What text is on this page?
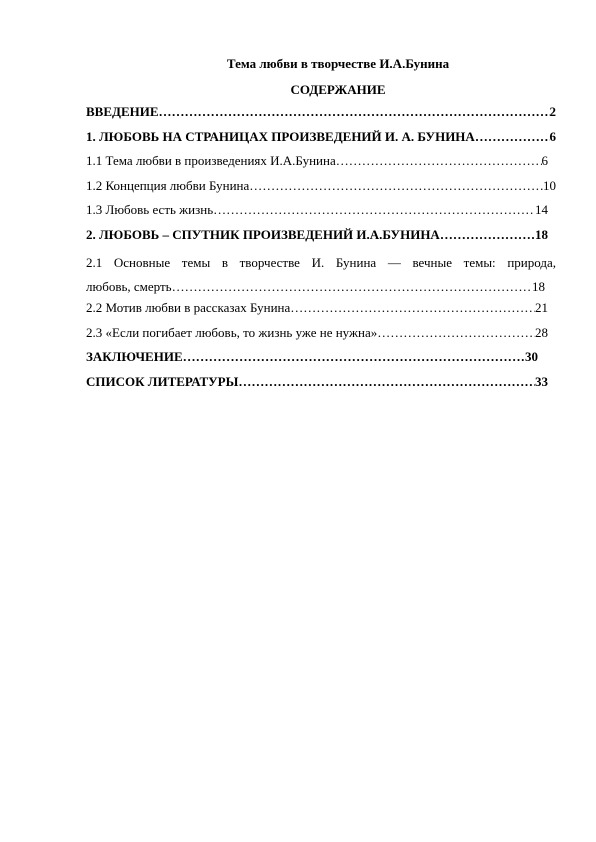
Тема любви в творчестве И.А.Бунина
СОДЕРЖАНИЕ
ВВЕДЕНИЕ ………………………………………………………………………………………………………………………………………………………………………………	2
1. ЛЮБОВЬ НА СТРАНИЦАХ ПРОИЗВЕДЕНИЙ И. А. БУНИНА ………………………………………………………………………………………………………………………………………………………………………………	6
1.1 Тема любви в произведениях И.А.Бунина ………………………………………………………………………………………………………………………………………………………………………………	6
1.2 Концепция любви Бунина ………………………………………………………………………………………………………………………………………………………………………………	10
1.3 Любовь есть жизнь ………………………………………………………………………………………………………………………………………………………………………………	14
2. ЛЮБОВЬ – СПУТНИК ПРОИЗВЕДЕНИЙ И.А.БУНИНА ………………………………………………………………………………………………………………………………………………………………………………	18
2.1 Основные темы в творчестве И. Бунина — вечные темы: природа,
любовь, смерть ………………………………………………………………………………………………………………………………………………………………………………	18
2.2 Мотив любви в рассказах Бунина ………………………………………………………………………………………………………………………………………………………………………………	21
2.3 «Если погибает любовь, то жизнь уже не нужна» ………………………………………………………………………………………………………………………………………………………………………………	28
ЗАКЛЮЧЕНИЕ ………………………………………………………………………………………………………………………………………………………………………………	30
СПИСОК ЛИТЕРАТУРЫ ………………………………………………………………………………………………………………………………………………………………………………	33
